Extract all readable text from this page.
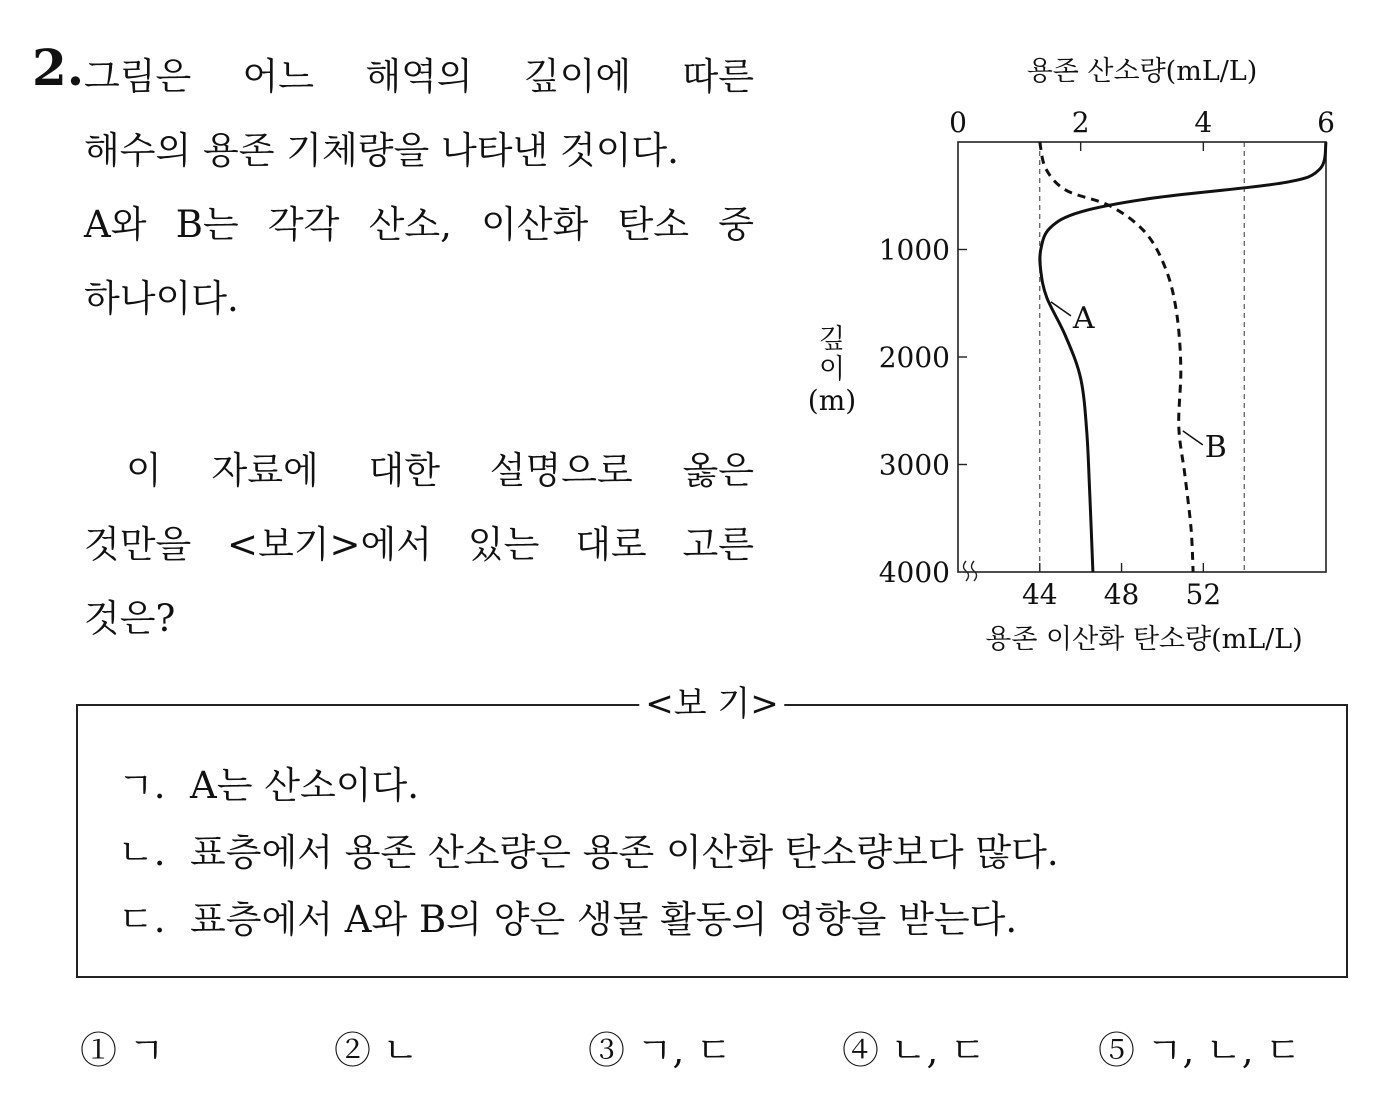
2. 그림은 어느 해역의 깊이에 따른
해수의 용존 기체량을 나타낸 것이다.
A와 B는 각각 산소, 이산화 탄소 중
하나이다.
이 자료에 대한 설명으로 옳은
것만을 <보기>에서 있는 대로 고른
것은?
용존 산소량(mL/L)
용존 이산화 탄소량(mL/L)
깊
이
(m)
0	2	4	6
44 48 52
1000
2000
3000
4000
A
B
<보 기>
ㄱ. A는 산소이다.
ㄴ. 표층에서 용존 산소량은 용존 이산화 탄소량보다 많다.
ㄷ. 표층에서 A와 B의 양은 생물 활동의 영향을 받는다.
① ㄱ	② ㄴ	③ ㄱ, ㄷ	④ ㄴ, ㄷ	⑤ ㄱ, ㄴ, ㄷ
